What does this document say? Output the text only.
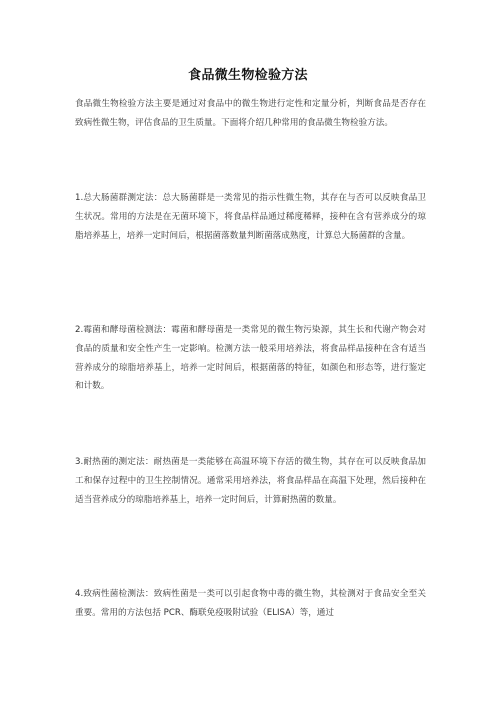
食品微生物检验方法
食品微生物检验方法主要是通过对食品中的微生物进行定性和定量分析，判断食品是否存在致病性微生物，评估食品的卫生质量。下面将介绍几种常用的食品微生物检验方法。
1.总大肠菌群测定法：总大肠菌群是一类常见的指示性微生物，其存在与否可以反映食品卫生状况。常用的方法是在无菌环境下，将食品样品通过稀度稀释，接种在含有营养成分的琼脂培养基上，培养一定时间后，根据菌落数量判断菌落成熟度，计算总大肠菌群的含量。
2.霉菌和酵母菌检测法：霉菌和酵母菌是一类常见的微生物污染源，其生长和代谢产物会对食品的质量和安全性产生一定影响。检测方法一般采用培养法，将食品样品接种在含有适当营养成分的琼脂培养基上，培养一定时间后，根据菌落的特征，如颜色和形态等，进行鉴定和计数。
3.耐热菌的测定法：耐热菌是一类能够在高温环境下存活的微生物，其存在可以反映食品加工和保存过程中的卫生控制情况。通常采用培养法，将食品样品在高温下处理，然后接种在适当营养成分的琼脂培养基上，培养一定时间后，计算耐热菌的数量。
4.致病性菌检测法：致病性菌是一类可以引起食物中毒的微生物，其检测对于食品安全至关重要。常用的方法包括 PCR、酶联免疫吸附试验（ELISA）等，通过
